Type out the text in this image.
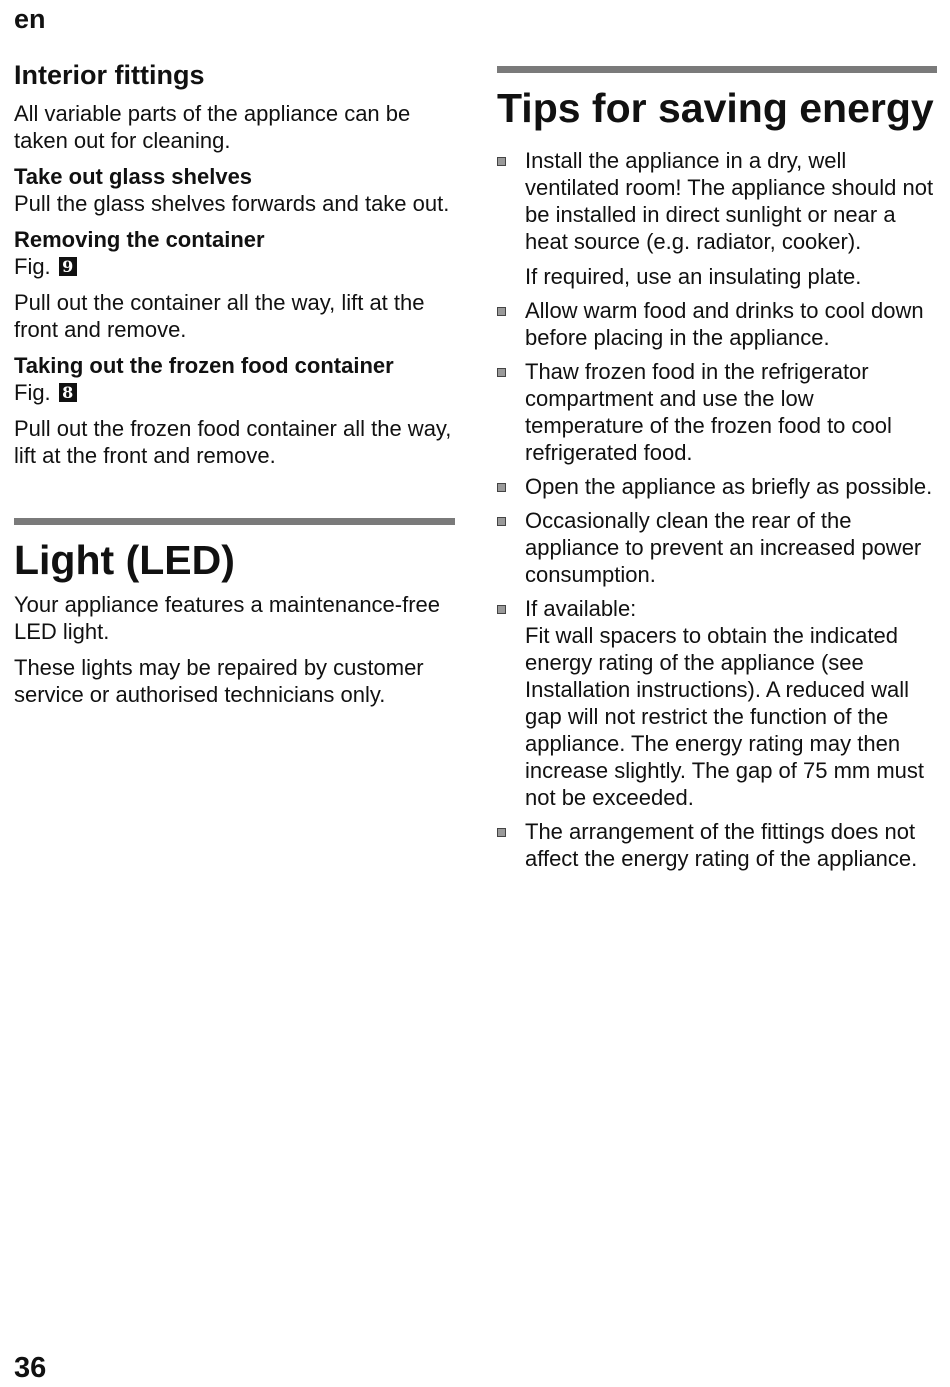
en
Interior fittings

All variable parts of the appliance can be taken out for cleaning.

Take out glass shelves

Pull the glass shelves forwards and take out.

Removing the container

Fig. 9

Pull out the container all the way, lift at the front and remove.

Taking out the frozen food container

Fig. 8

Pull out the frozen food container all the way, lift at the front and remove.

Light (LED)

Your appliance features a maintenance-free LED light.

These lights may be repaired by customer service or authorised technicians only.

Tips for saving energy

Install the appliance in a dry, well ventilated room! The appliance should not be installed in direct sunlight or near a heat source (e.g. radiator, cooker).

If required, use an insulating plate.

Allow warm food and drinks to cool down before placing in the appliance.

Thaw frozen food in the refrigerator compartment and use the low temperature of the frozen food to cool refrigerated food.

Open the appliance as briefly as possible.

Occasionally clean the rear of the appliance to prevent an increased power consumption.

If available:

Fit wall spacers to obtain the indicated energy rating of the appliance (see Installation instructions). A reduced wall gap will not restrict the function of the appliance. The energy rating may then increase slightly. The gap of 75 mm must not be exceeded.

The arrangement of the fittings does not affect the energy rating of the appliance.

36
